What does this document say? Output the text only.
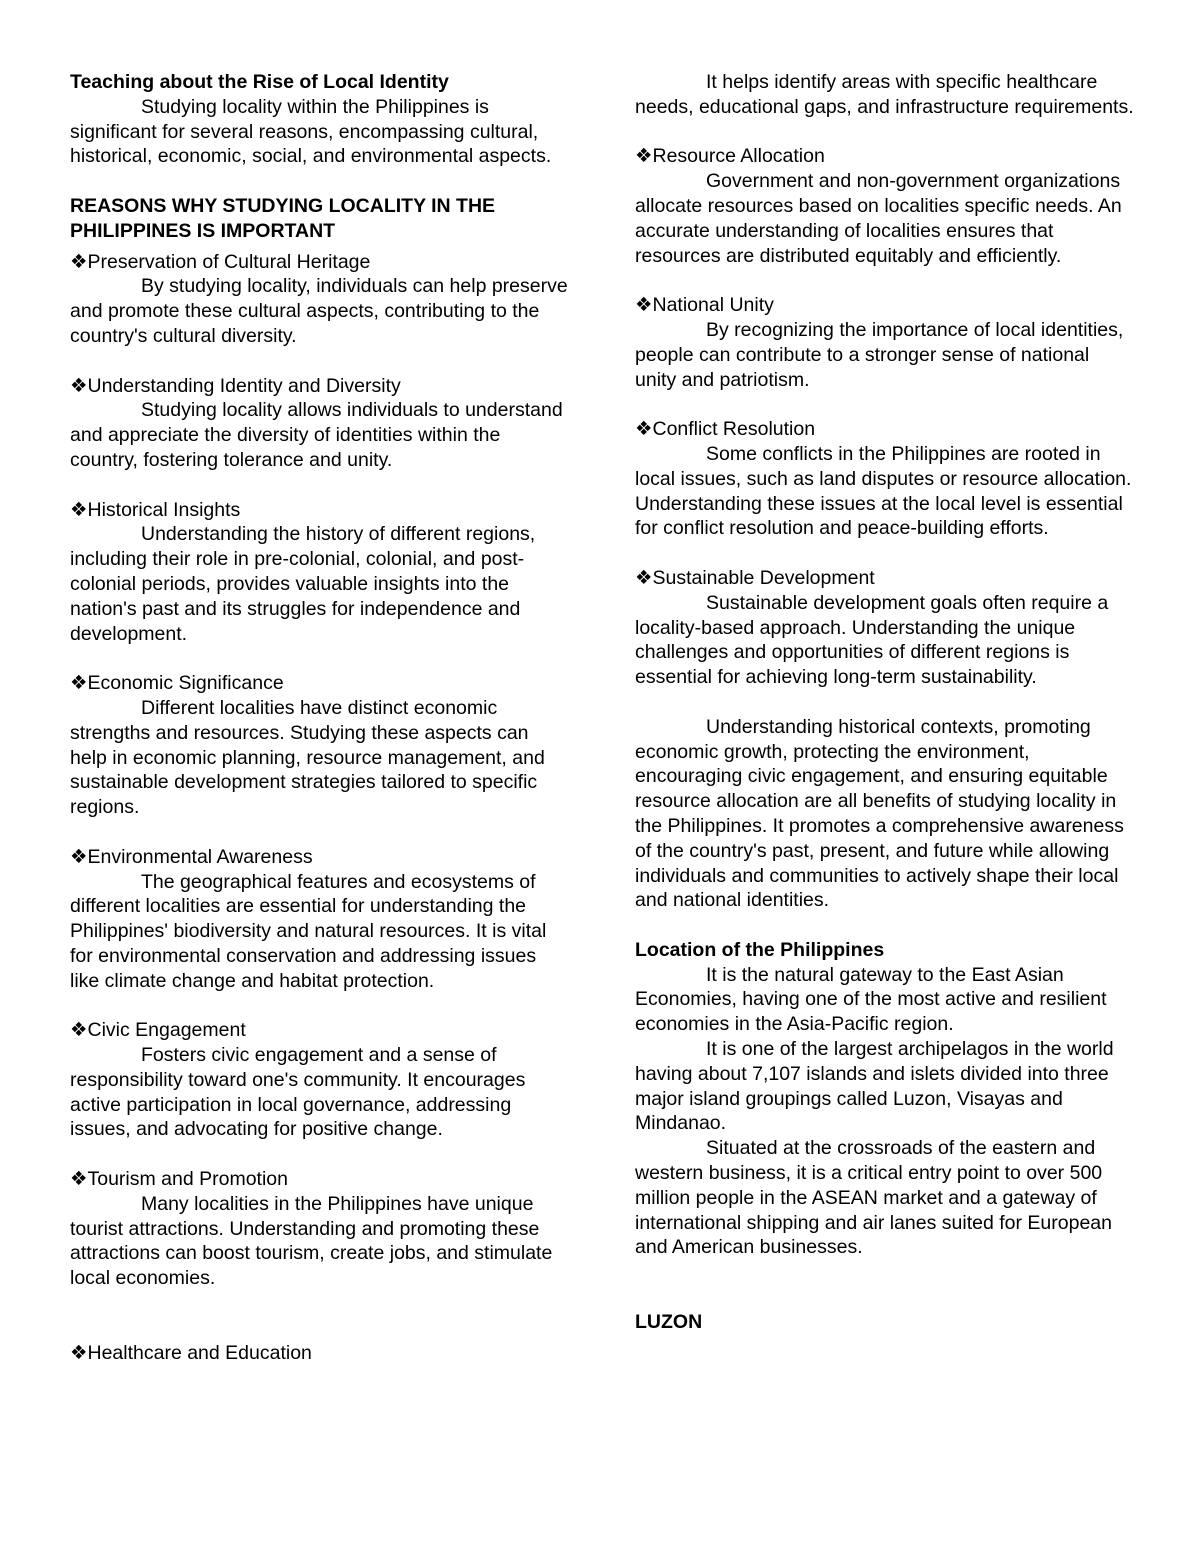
Teaching about the Rise of Local Identity

Studying locality within the Philippines is significant for several reasons, encompassing cultural, historical, economic, social, and environmental aspects.

REASONS WHY STUDYING LOCALITY IN THE
PHILIPPINES IS IMPORTANT

❖Preservation of Cultural Heritage

By studying locality, individuals can help preserve and promote these cultural aspects, contributing to the country's cultural diversity.

❖Understanding Identity and Diversity

Studying locality allows individuals to understand and appreciate the diversity of identities within the country, fostering tolerance and unity.

❖Historical Insights

Understanding the history of different regions, including their role in pre-colonial, colonial, and post-colonial periods, provides valuable insights into the nation's past and its struggles for independence and development.

❖Economic Significance

Different localities have distinct economic strengths and resources. Studying these aspects can help in economic planning, resource management, and sustainable development strategies tailored to specific regions.

❖Environmental Awareness

The geographical features and ecosystems of different localities are essential for understanding the Philippines' biodiversity and natural resources. It is vital for environmental conservation and addressing issues like climate change and habitat protection.

❖Civic Engagement

Fosters civic engagement and a sense of responsibility toward one's community. It encourages active participation in local governance, addressing issues, and advocating for positive change.

❖Tourism and Promotion

Many localities in the Philippines have unique tourist attractions. Understanding and promoting these attractions can boost tourism, create jobs, and stimulate local economies.

❖Healthcare and Education

It helps identify areas with specific healthcare needs, educational gaps, and infrastructure requirements.

❖Resource Allocation

Government and non-government organizations allocate resources based on localities specific needs. An accurate understanding of localities ensures that resources are distributed equitably and efficiently.

❖National Unity

By recognizing the importance of local identities, people can contribute to a stronger sense of national unity and patriotism.

❖Conflict Resolution

Some conflicts in the Philippines are rooted in local issues, such as land disputes or resource allocation. Understanding these issues at the local level is essential for conflict resolution and peace-building efforts.

❖Sustainable Development

Sustainable development goals often require a locality-based approach. Understanding the unique challenges and opportunities of different regions is essential for achieving long-term sustainability.

Understanding historical contexts, promoting economic growth, protecting the environment, encouraging civic engagement, and ensuring equitable resource allocation are all benefits of studying locality in the Philippines. It promotes a comprehensive awareness of the country's past, present, and future while allowing individuals and communities to actively shape their local and national identities.

Location of the Philippines

It is the natural gateway to the East Asian Economies, having one of the most active and resilient economies in the Asia-Pacific region.

It is one of the largest archipelagos in the world having about 7,107 islands and islets divided into three major island groupings called Luzon, Visayas and Mindanao.

Situated at the crossroads of the eastern and western business, it is a critical entry point to over 500 million people in the ASEAN market and a gateway of international shipping and air lanes suited for European and American businesses.

LUZON
